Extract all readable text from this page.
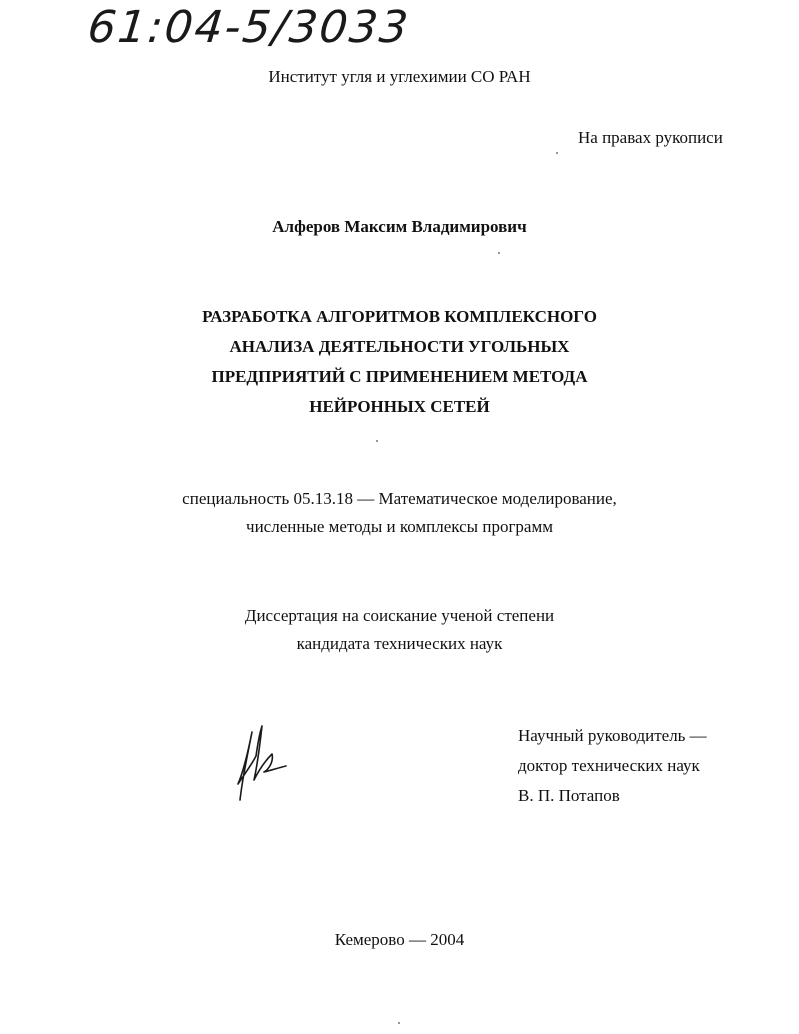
61:04-5/3033
Институт угля и углехимии СО РАН
На правах рукописи
Алферов Максим Владимирович
РАЗРАБОТКА АЛГОРИТМОВ КОМПЛЕКСНОГО
АНАЛИЗА ДЕЯТЕЛЬНОСТИ УГОЛЬНЫХ
ПРЕДПРИЯТИЙ С ПРИМЕНЕНИЕМ МЕТОДА
НЕЙРОННЫХ СЕТЕЙ
специальность 05.13.18 — Математическое моделирование,
численные методы и комплексы программ
Диссертация на соискание ученой степени
кандидата технических наук
Научный руководитель —
доктор технических наук
В. П. Потапов
Кемерово — 2004
